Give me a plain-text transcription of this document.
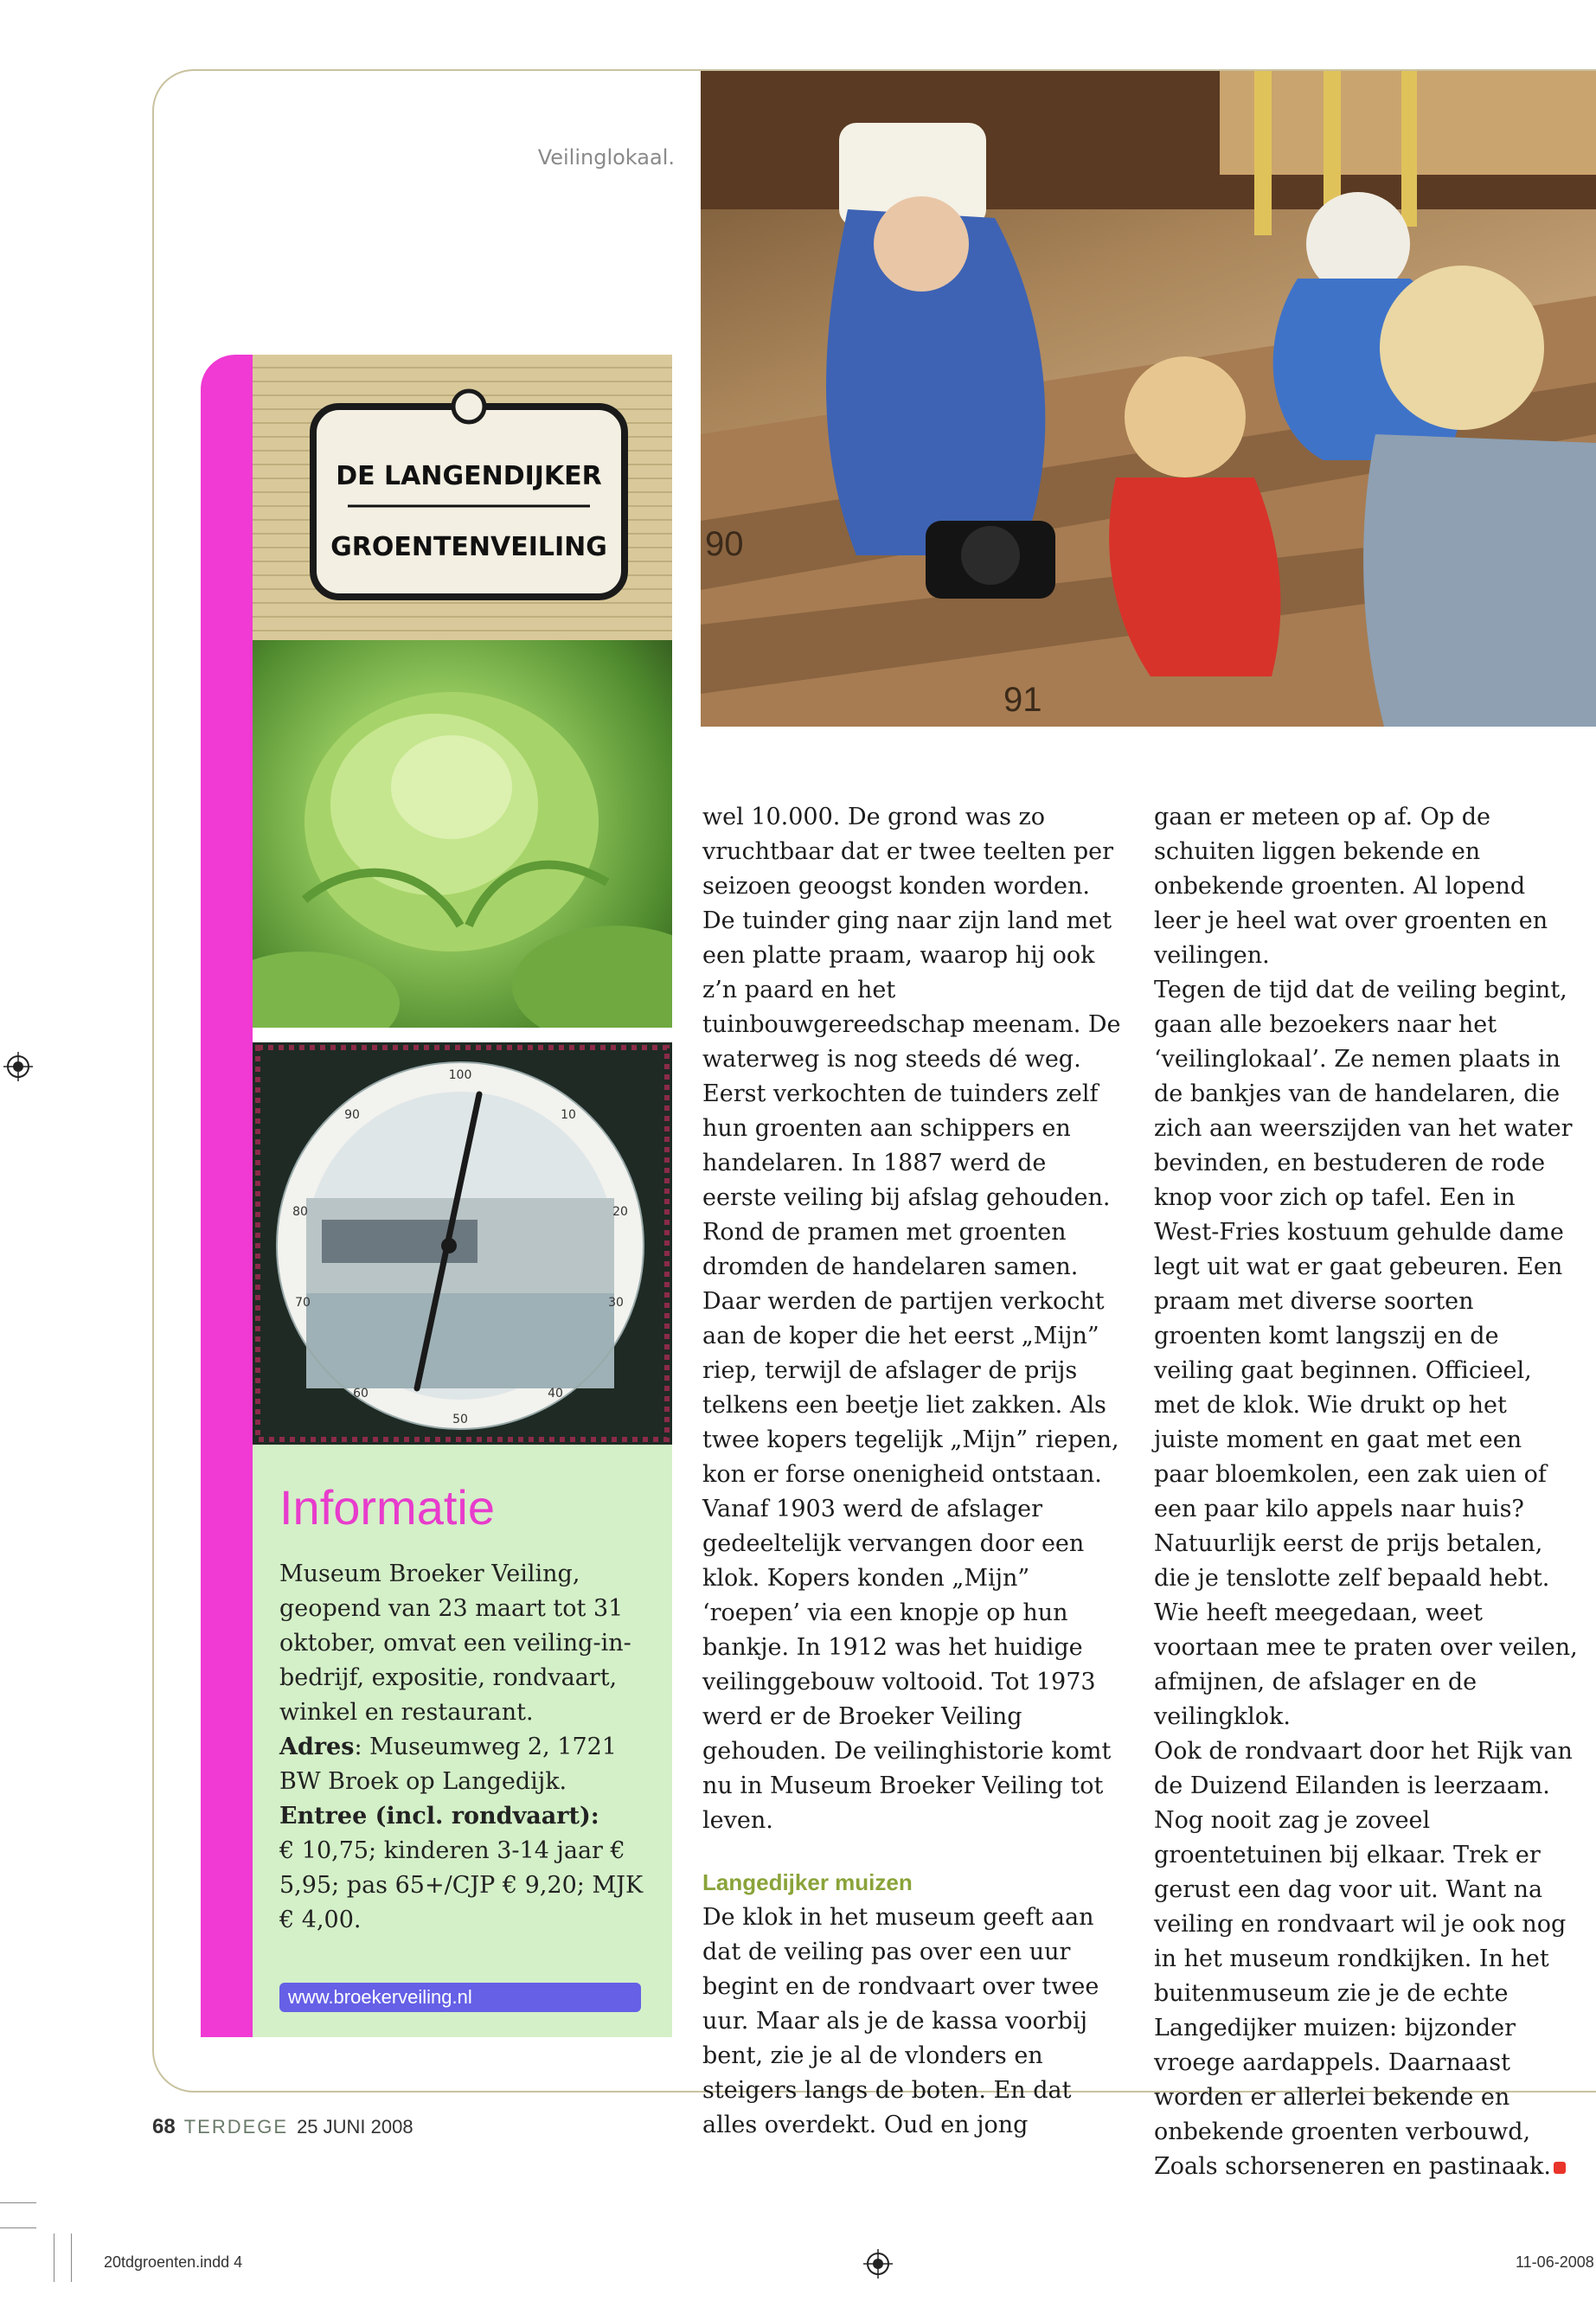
Veilinglokaal.
90
91
DE LANGENDIJKER
GROENTENVEILING
100
10
20
30
40
50
60
70
80
90
Informatie
Museum Broeker Veiling, geopend van 23 maart tot 31 oktober, omvat een veiling-in-bedrijf, expositie, rondvaart, winkel en restaurant.
Adres: Museumweg 2, 1721 BW Broek op Langedijk.
Entree (incl. rondvaart):
€ 10,75; kinderen 3-14 jaar € 5,95; pas 65+/CJP € 9,20; MJK € 4,00.
www.broekerveiling.nl

wel 10.000. De grond was zo vruchtbaar dat er twee teelten per seizoen geoogst konden worden. De tuinder ging naar zijn land met een platte praam, waarop hij ook z’n paard en het tuinbouwgereedschap meenam. De waterweg is nog steeds dé weg. Eerst verkochten de tuinders zelf hun groenten aan schippers en handelaren. In 1887 werd de eerste veiling bij afslag gehouden. Rond de pramen met groenten dromden de handelaren samen. Daar werden de partijen verkocht aan de koper die het eerst „Mijn” riep, terwijl de afslager de prijs telkens een beetje liet zakken. Als twee kopers tegelijk „Mijn” riepen, kon er forse onenigheid ontstaan.

Vanaf 1903 werd de afslager gedeeltelijk vervangen door een klok. Kopers konden „Mijn” ‘roepen’ via een knopje op hun bankje. In 1912 was het huidige veilinggebouw voltooid. Tot 1973 werd er de Broeker Veiling gehouden. De veilinghistorie komt nu in Museum Broeker Veiling tot leven.

Langedijker muizen

De klok in het museum geeft aan dat de veiling pas over een uur begint en de rondvaart over twee uur. Maar als je de kassa voorbij bent, zie je al de vlonders en steigers langs de boten. En dat alles overdekt. Oud en jong

gaan er meteen op af. Op de schuiten liggen bekende en onbekende groenten. Al lopend leer je heel wat over groenten en veilingen.

Tegen de tijd dat de veiling begint, gaan alle bezoekers naar het ‘veilinglokaal’. Ze nemen plaats in de bankjes van de handelaren, die zich aan weerszijden van het water bevinden, en bestuderen de rode knop voor zich op tafel. Een in West-Fries kostuum gehulde dame legt uit wat er gaat gebeuren. Een praam met diverse soorten groenten komt langszij en de veiling gaat beginnen. Officieel, met de klok. Wie drukt op het juiste moment en gaat met een paar bloemkolen, een zak uien of een paar kilo appels naar huis? Natuurlijk eerst de prijs betalen, die je tenslotte zelf bepaald hebt. Wie heeft meegedaan, weet voortaan mee te praten over veilen, afmijnen, de afslager en de veilingklok.

Ook de rondvaart door het Rijk van de Duizend Eilanden is leerzaam. Nog nooit zag je zoveel groentetuinen bij elkaar. Trek er gerust een dag voor uit. Want na veiling en rondvaart wil je ook nog in het museum rondkijken. In het buitenmuseum zie je de echte Langedijker muizen: bijzonder vroege aardappels. Daarnaast worden er allerlei bekende en onbekende groenten verbouwd, Zoals schorseneren en pastinaak.

68 TERDEGE 25 JUNI 2008
20tdgroenten.indd 4	11-06-2008
